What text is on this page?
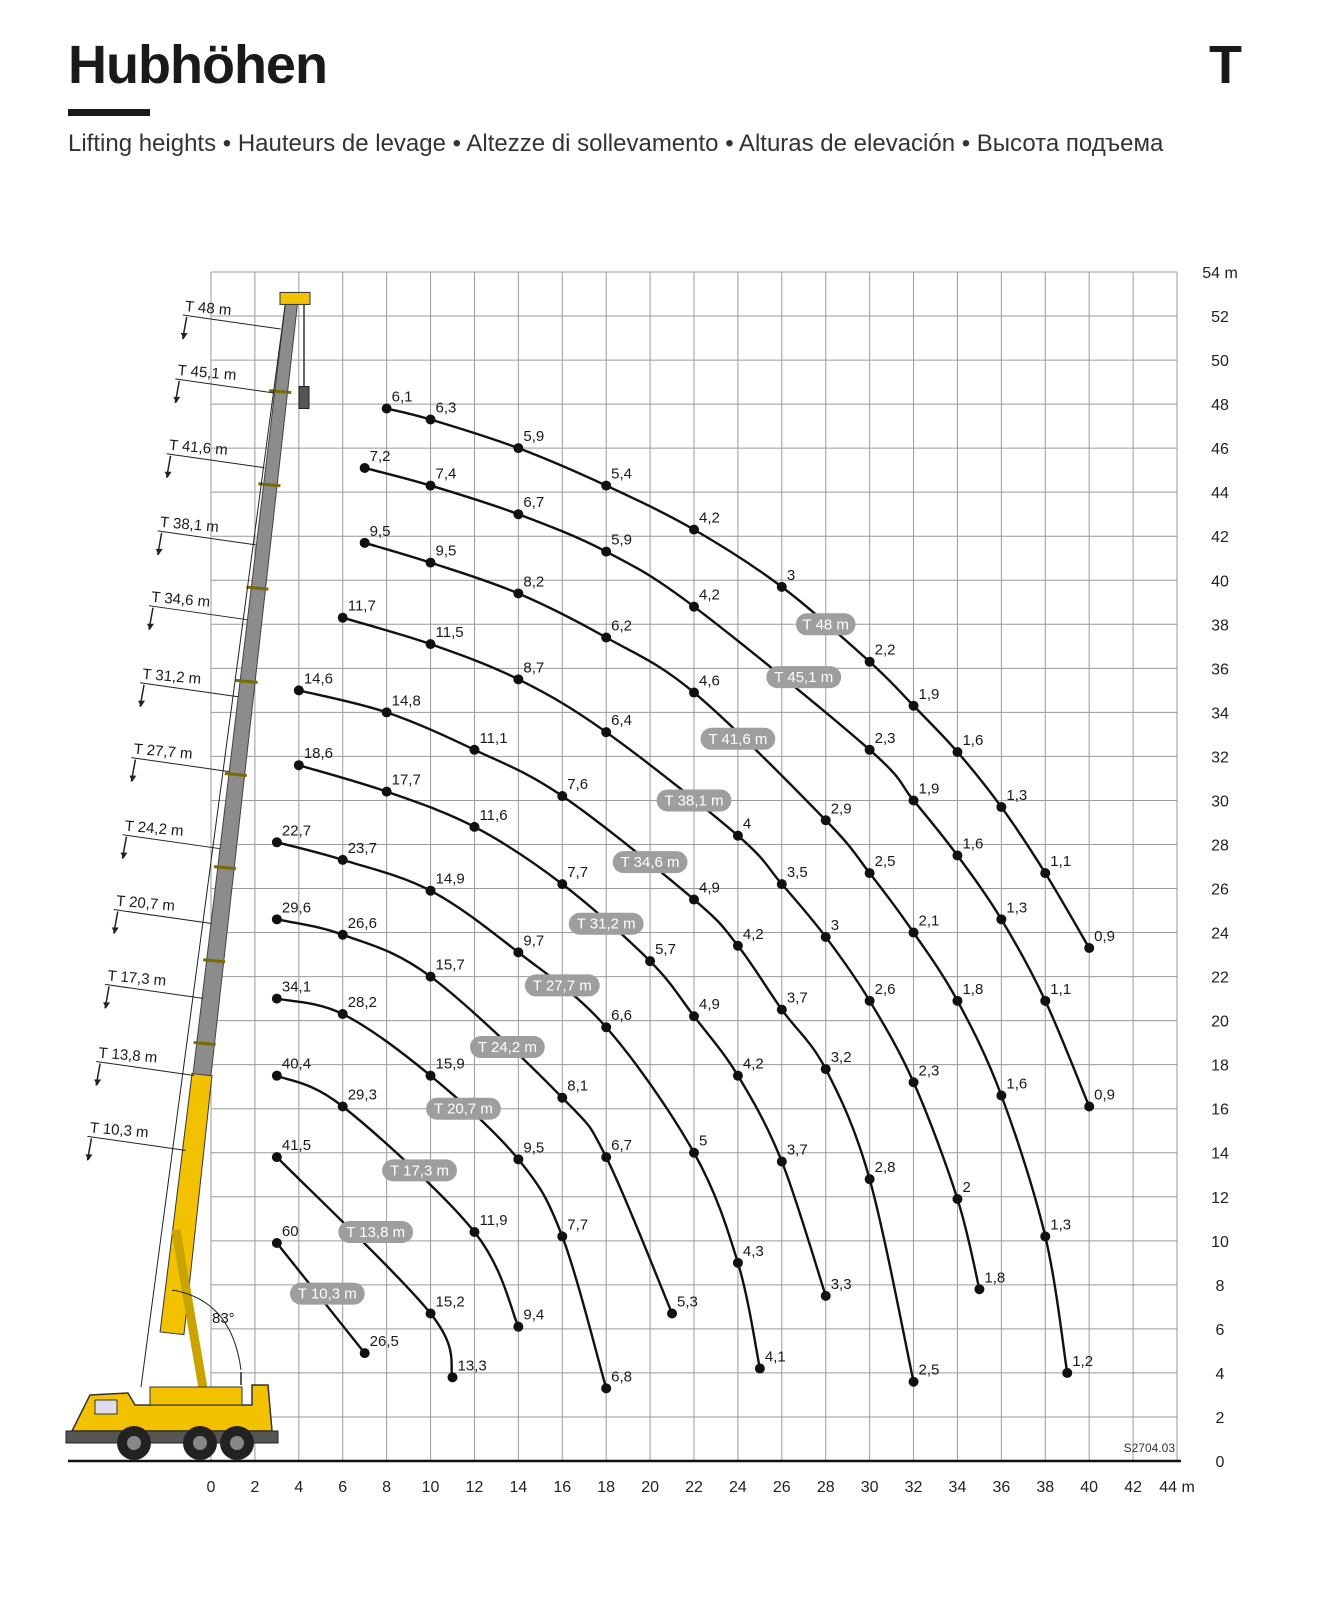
Hubhöhen	T
Lifting heights • Hauteurs de levage • Altezze di sollevamento • Alturas de elevación • Высота подъема
0 2 4 6 8 10 12 14 16 18 20 22 24 26 28 30 32 34 36 38 40 42 44 m
0
2
4
6
8
10
12
14
16
18
20
22
24
26
28
30
32
34
36
38
40
42
44
46
48
50
52
54 m
83°
T 48 m
T 45,1 m
T 41,6 m
T 38,1 m
T 34,6 m
T 31,2 m
T 27,7 m
T 24,2 m
T 20,7 m
T 17,3 m
T 13,8 m
T 10,3 m
6,1
6,3
5,9
5,4
4,2
3
2,2
1,9
1,6
1,3
1,1
0,9
7,2
7,4
6,7
5,9
4,2
2,3
1,9
1,6
1,3
1,1
0,9
9,5
9,5
8,2
6,2
4,6
2,9
2,5
2,1
1,8
1,6
1,3
1,2
11,7
11,5
8,7
6,4
4
3,5
3
2,6
2,3
2
1,8
14,6
14,8
11,1
7,6
4,9
4,2
3,7
3,2
2,8
2,5
18,6
17,7
11,6
7,7
5,7
4,9
4,2
3,7
3,3
22,7
23,7
14,9
9,7
6,6
5
4,3
4,1
29,6
26,6
15,7
8,1
6,7
5,3
34,1
28,2
15,9
9,5
7,7
6,8
40,4
29,3
11,9
9,4
41,5
15,2
13,3
60
26,5
T 48 m
T 45,1 m
T 41,6 m
T 38,1 m
T 34,6 m
T 31,2 m
T 27,7 m
T 24,2 m
T 20,7 m
T 17,3 m
T 13,8 m
T 10,3 m
S2704.03
